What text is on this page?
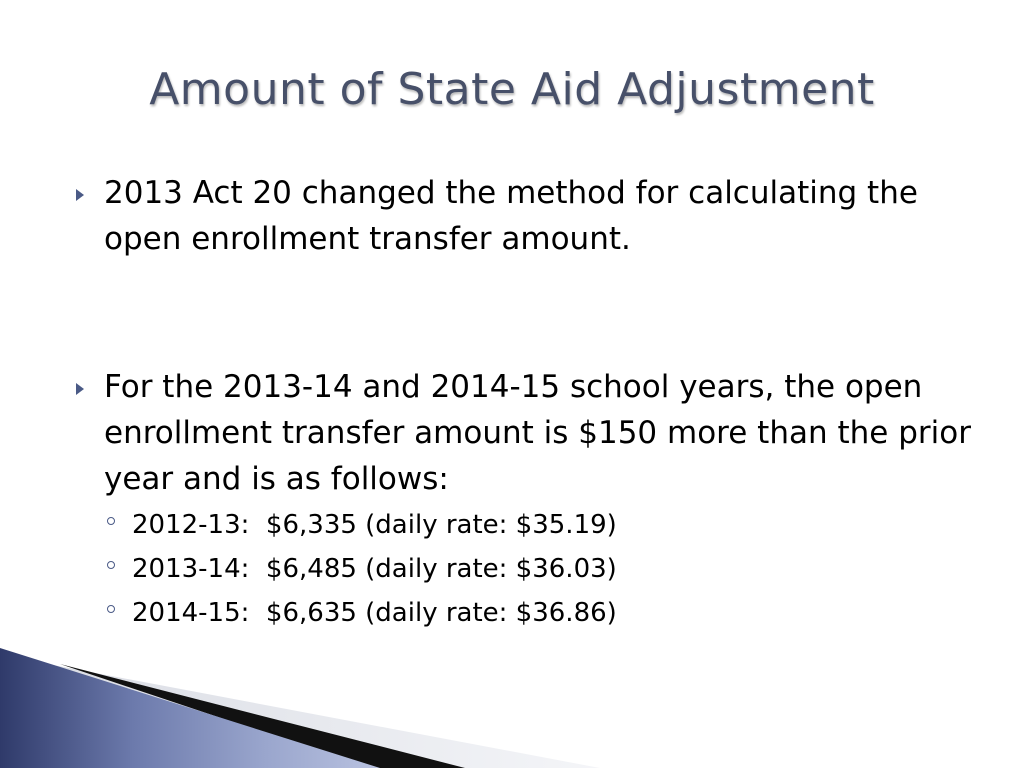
Amount of State Aid Adjustment
2013 Act 20 changed the method for calculating the open enrollment transfer amount.
For the 2013-14 and 2014-15 school years, the open enrollment transfer amount is $150 more than the prior year and is as follows:
2012-13:  $6,335 (daily rate: $35.19)
2013-14:  $6,485 (daily rate: $36.03)
2014-15:  $6,635 (daily rate: $36.86)
